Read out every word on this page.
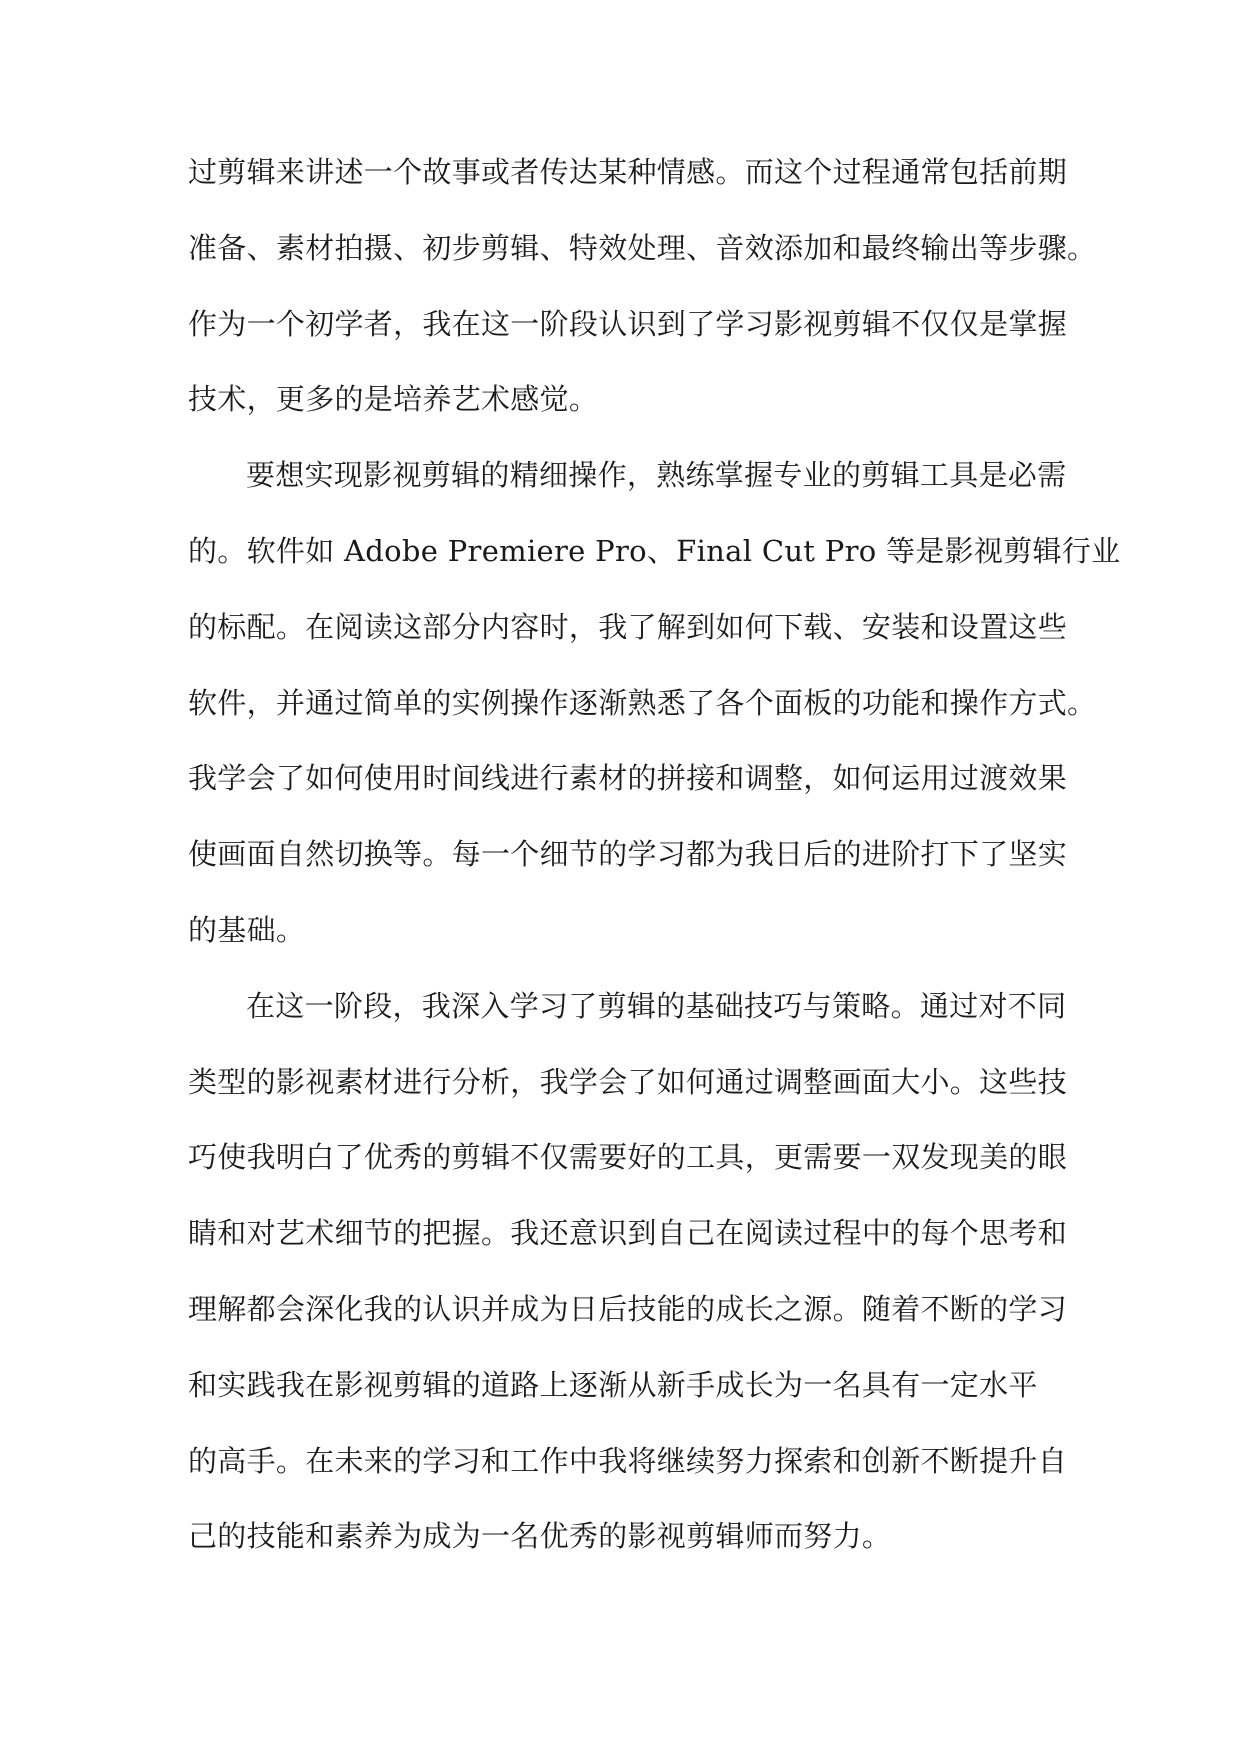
过剪辑来讲述一个故事或者传达某种情感。而这个过程通常包括前期
准备、素材拍摄、初步剪辑、特效处理、音效添加和最终输出等步骤。
作为一个初学者，我在这一阶段认识到了学习影视剪辑不仅仅是掌握
技术，更多的是培养艺术感觉。
要想实现影视剪辑的精细操作，熟练掌握专业的剪辑工具是必需
的。软件如 Adobe Premiere Pro、Final Cut Pro 等是影视剪辑行业
的标配。在阅读这部分内容时，我了解到如何下载、安装和设置这些
软件，并通过简单的实例操作逐渐熟悉了各个面板的功能和操作方式。
我学会了如何使用时间线进行素材的拼接和调整，如何运用过渡效果
使画面自然切换等。每一个细节的学习都为我日后的进阶打下了坚实
的基础。
在这一阶段，我深入学习了剪辑的基础技巧与策略。通过对不同
类型的影视素材进行分析，我学会了如何通过调整画面大小。这些技
巧使我明白了优秀的剪辑不仅需要好的工具，更需要一双发现美的眼
睛和对艺术细节的把握。我还意识到自己在阅读过程中的每个思考和
理解都会深化我的认识并成为日后技能的成长之源。随着不断的学习
和实践我在影视剪辑的道路上逐渐从新手成长为一名具有一定水平
的高手。在未来的学习和工作中我将继续努力探索和创新不断提升自
己的技能和素养为成为一名优秀的影视剪辑师而努力。
